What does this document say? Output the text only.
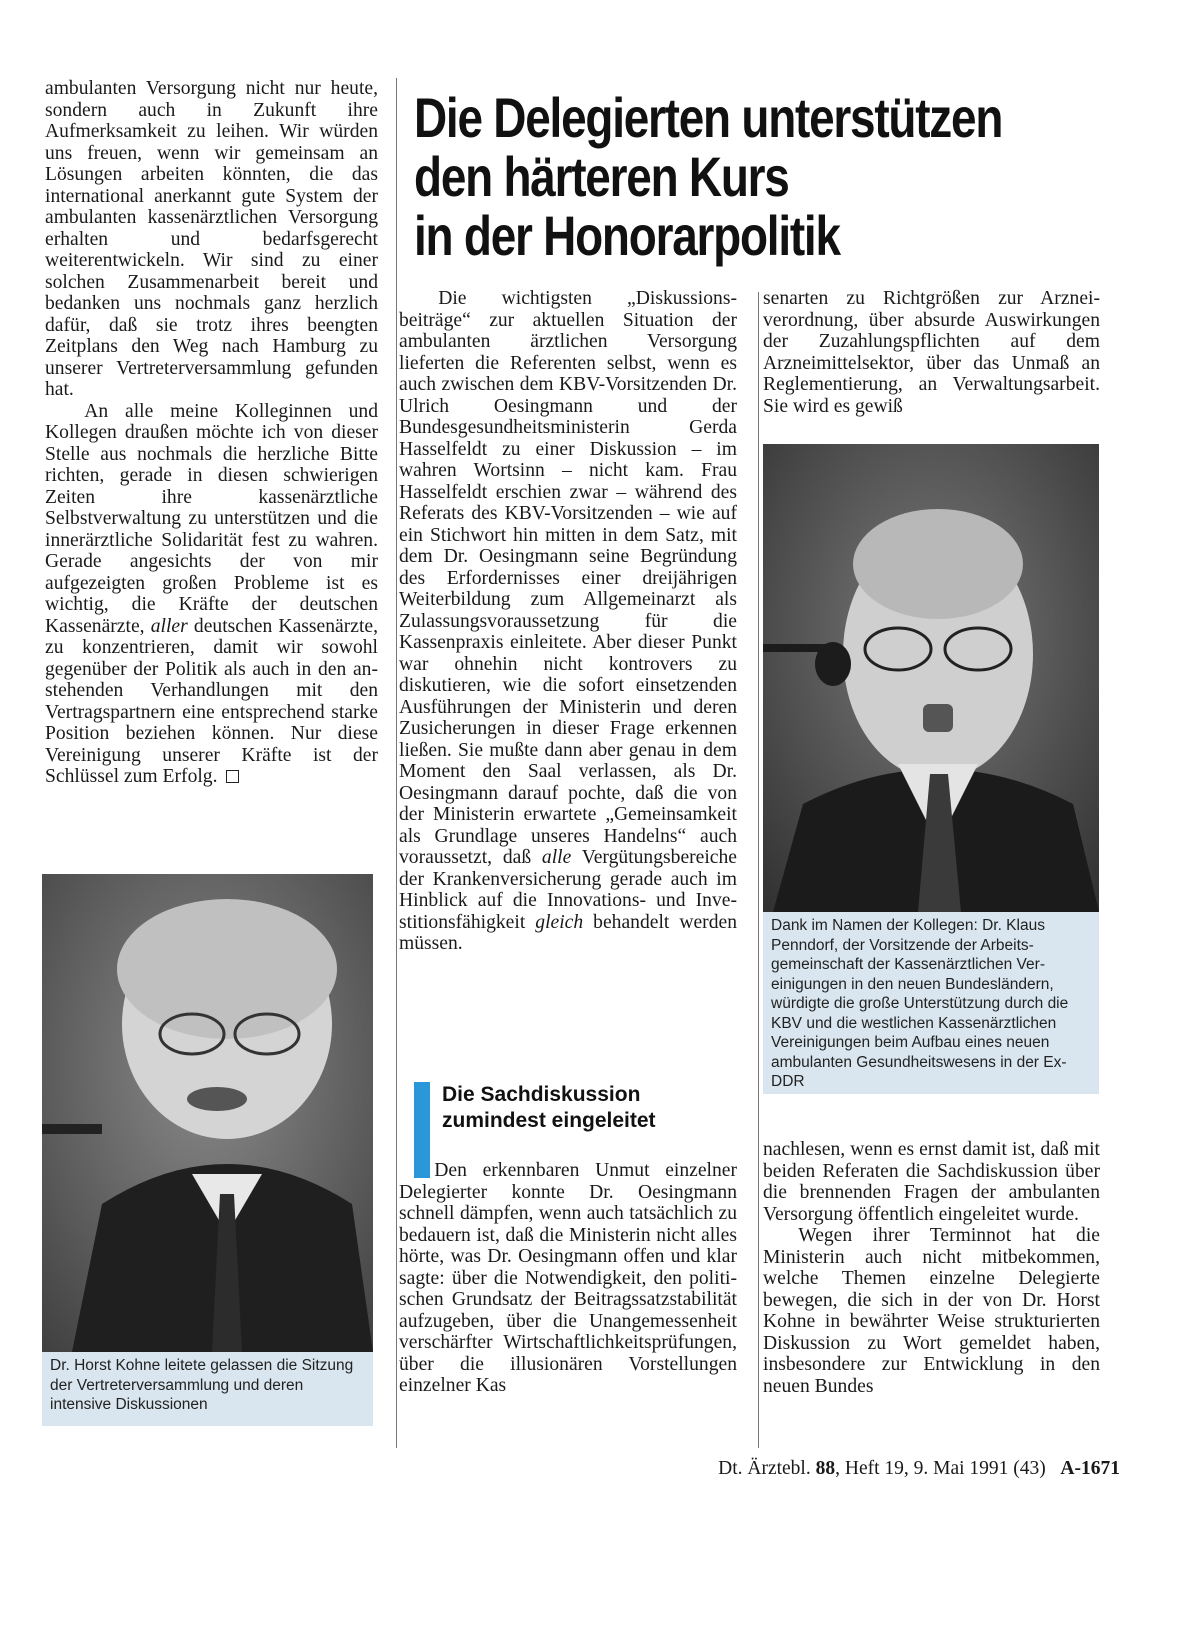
ambulanten Versorgung nicht nur heute, sondern auch in Zukunft ihre Aufmerksamkeit zu leihen. Wir würden uns freuen, wenn wir gemeinsam an Lösungen arbeiten könnten, die das international anerkannt gute System der ambulanten kassenärztlichen Versorgung erhalten und bedarfsgerecht weiterentwickeln. Wir sind zu einer solchen Zusammenarbeit bereit und bedanken uns nochmals ganz herzlich dafür, daß sie trotz ihres beengten Zeitplans den Weg nach Hamburg zu unserer Vertreterversammlung gefunden hat.

An alle meine Kolleginnen und Kollegen draußen möchte ich von dieser Stelle aus nochmals die herzliche Bitte richten, gerade in diesen schwierigen Zeiten ihre kassenärztliche Selbstverwaltung zu unterstützen und die innerärztliche Solidarität fest zu wahren. Gerade angesichts der von mir aufgezeigten großen Probleme ist es wichtig, die Kräfte der deutschen Kassenärzte, aller deutschen Kassenärzte, zu konzentrieren, damit wir sowohl gegenüber der Politik als auch in den anstehenden Verhandlungen mit den Vertragspartnern eine entsprechend starke Position beziehen können. Nur diese Vereinigung unserer Kräfte ist der Schlüssel zum Erfolg.

Die Delegierten unterstützen
den härteren Kurs
in der Honorarpolitik
Dr. Horst Kohne leitete gelassen die Sitzung der Vertreterversammlung und deren intensive Diskussionen

Die wichtigsten „Diskussionsbeiträge“ zur aktuellen Situation der ambulanten ärztlichen Versorgung lieferten die Referenten selbst, wenn es auch zwischen dem KBV-Vorsitzenden Dr. Ulrich Oesingmann und der Bundesgesundheitsministerin Gerda Hasselfeldt zu einer Diskussion – im wahren Wortsinn – nicht kam. Frau Hasselfeldt erschien zwar – während des Referats des KBV-Vorsitzenden – wie auf ein Stichwort hin mitten in dem Satz, mit dem Dr. Oesingmann seine Begründung des Erfordernisses einer dreijährigen Weiterbildung zum Allgemeinarzt als Zulassungsvoraussetzung für die Kassenpraxis einleitete. Aber dieser Punkt war ohnehin nicht kontrovers zu diskutieren, wie die sofort einsetzenden Ausführungen der Ministerin und deren Zusicherungen in dieser Frage erkennen ließen. Sie mußte dann aber genau in dem Moment den Saal verlassen, als Dr. Oesingmann darauf pochte, daß die von der Ministerin erwartete „Gemeinsamkeit als Grundlage unseres Handelns“ auch voraussetzt, daß alle Vergütungsbereiche der Krankenversicherung gerade auch im Hinblick auf die Innovations- und Investitionsfähigkeit gleich behandelt werden müssen.

Die Sachdiskussion
zumindest eingeleitet

Den erkennbaren Unmut einzelner Delegierter konnte Dr. Oesingmann schnell dämpfen, wenn auch tatsächlich zu bedauern ist, daß die Ministerin nicht alles hörte, was Dr. Oesingmann offen und klar sagte: über die Notwendigkeit, den politischen Grundsatz der Beitragssatzstabilität aufzugeben, über die Unangemessenheit verschärfter Wirtschaftlichkeitsprüfungen, über die illusionären Vorstellungen einzelner Kas

senarten zu Richtgrößen zur Arzneiverordnung, über absurde Auswirkungen der Zuzahlungspflichten auf dem Arzneimittelsektor, über das Unmaß an Reglementierung, an Verwaltungsarbeit. Sie wird es gewiß

Dank im Namen der Kollegen: Dr. Klaus Penndorf, der Vorsitzende der Arbeitsgemeinschaft der Kassenärztlichen Vereinigungen in den neuen Bundesländern, würdigte die große Unterstützung durch die KBV und die westlichen Kassenärztlichen Vereinigungen beim Aufbau eines neuen ambulanten Gesundheitswesens in der Ex-DDR

nachlesen, wenn es ernst damit ist, daß mit beiden Referaten die Sachdiskussion über die brennenden Fragen der ambulanten Versorgung öffentlich eingeleitet wurde.

Wegen ihrer Terminnot hat die Ministerin auch nicht mitbekommen, welche Themen einzelne Delegierte bewegen, die sich in der von Dr. Horst Kohne in bewährter Weise strukturierten Diskussion zu Wort gemeldet haben, insbesondere zur Entwicklung in den neuen Bundes

Dt. Ärztebl. 88, Heft 19, 9. Mai 1991 (43) A-1671
